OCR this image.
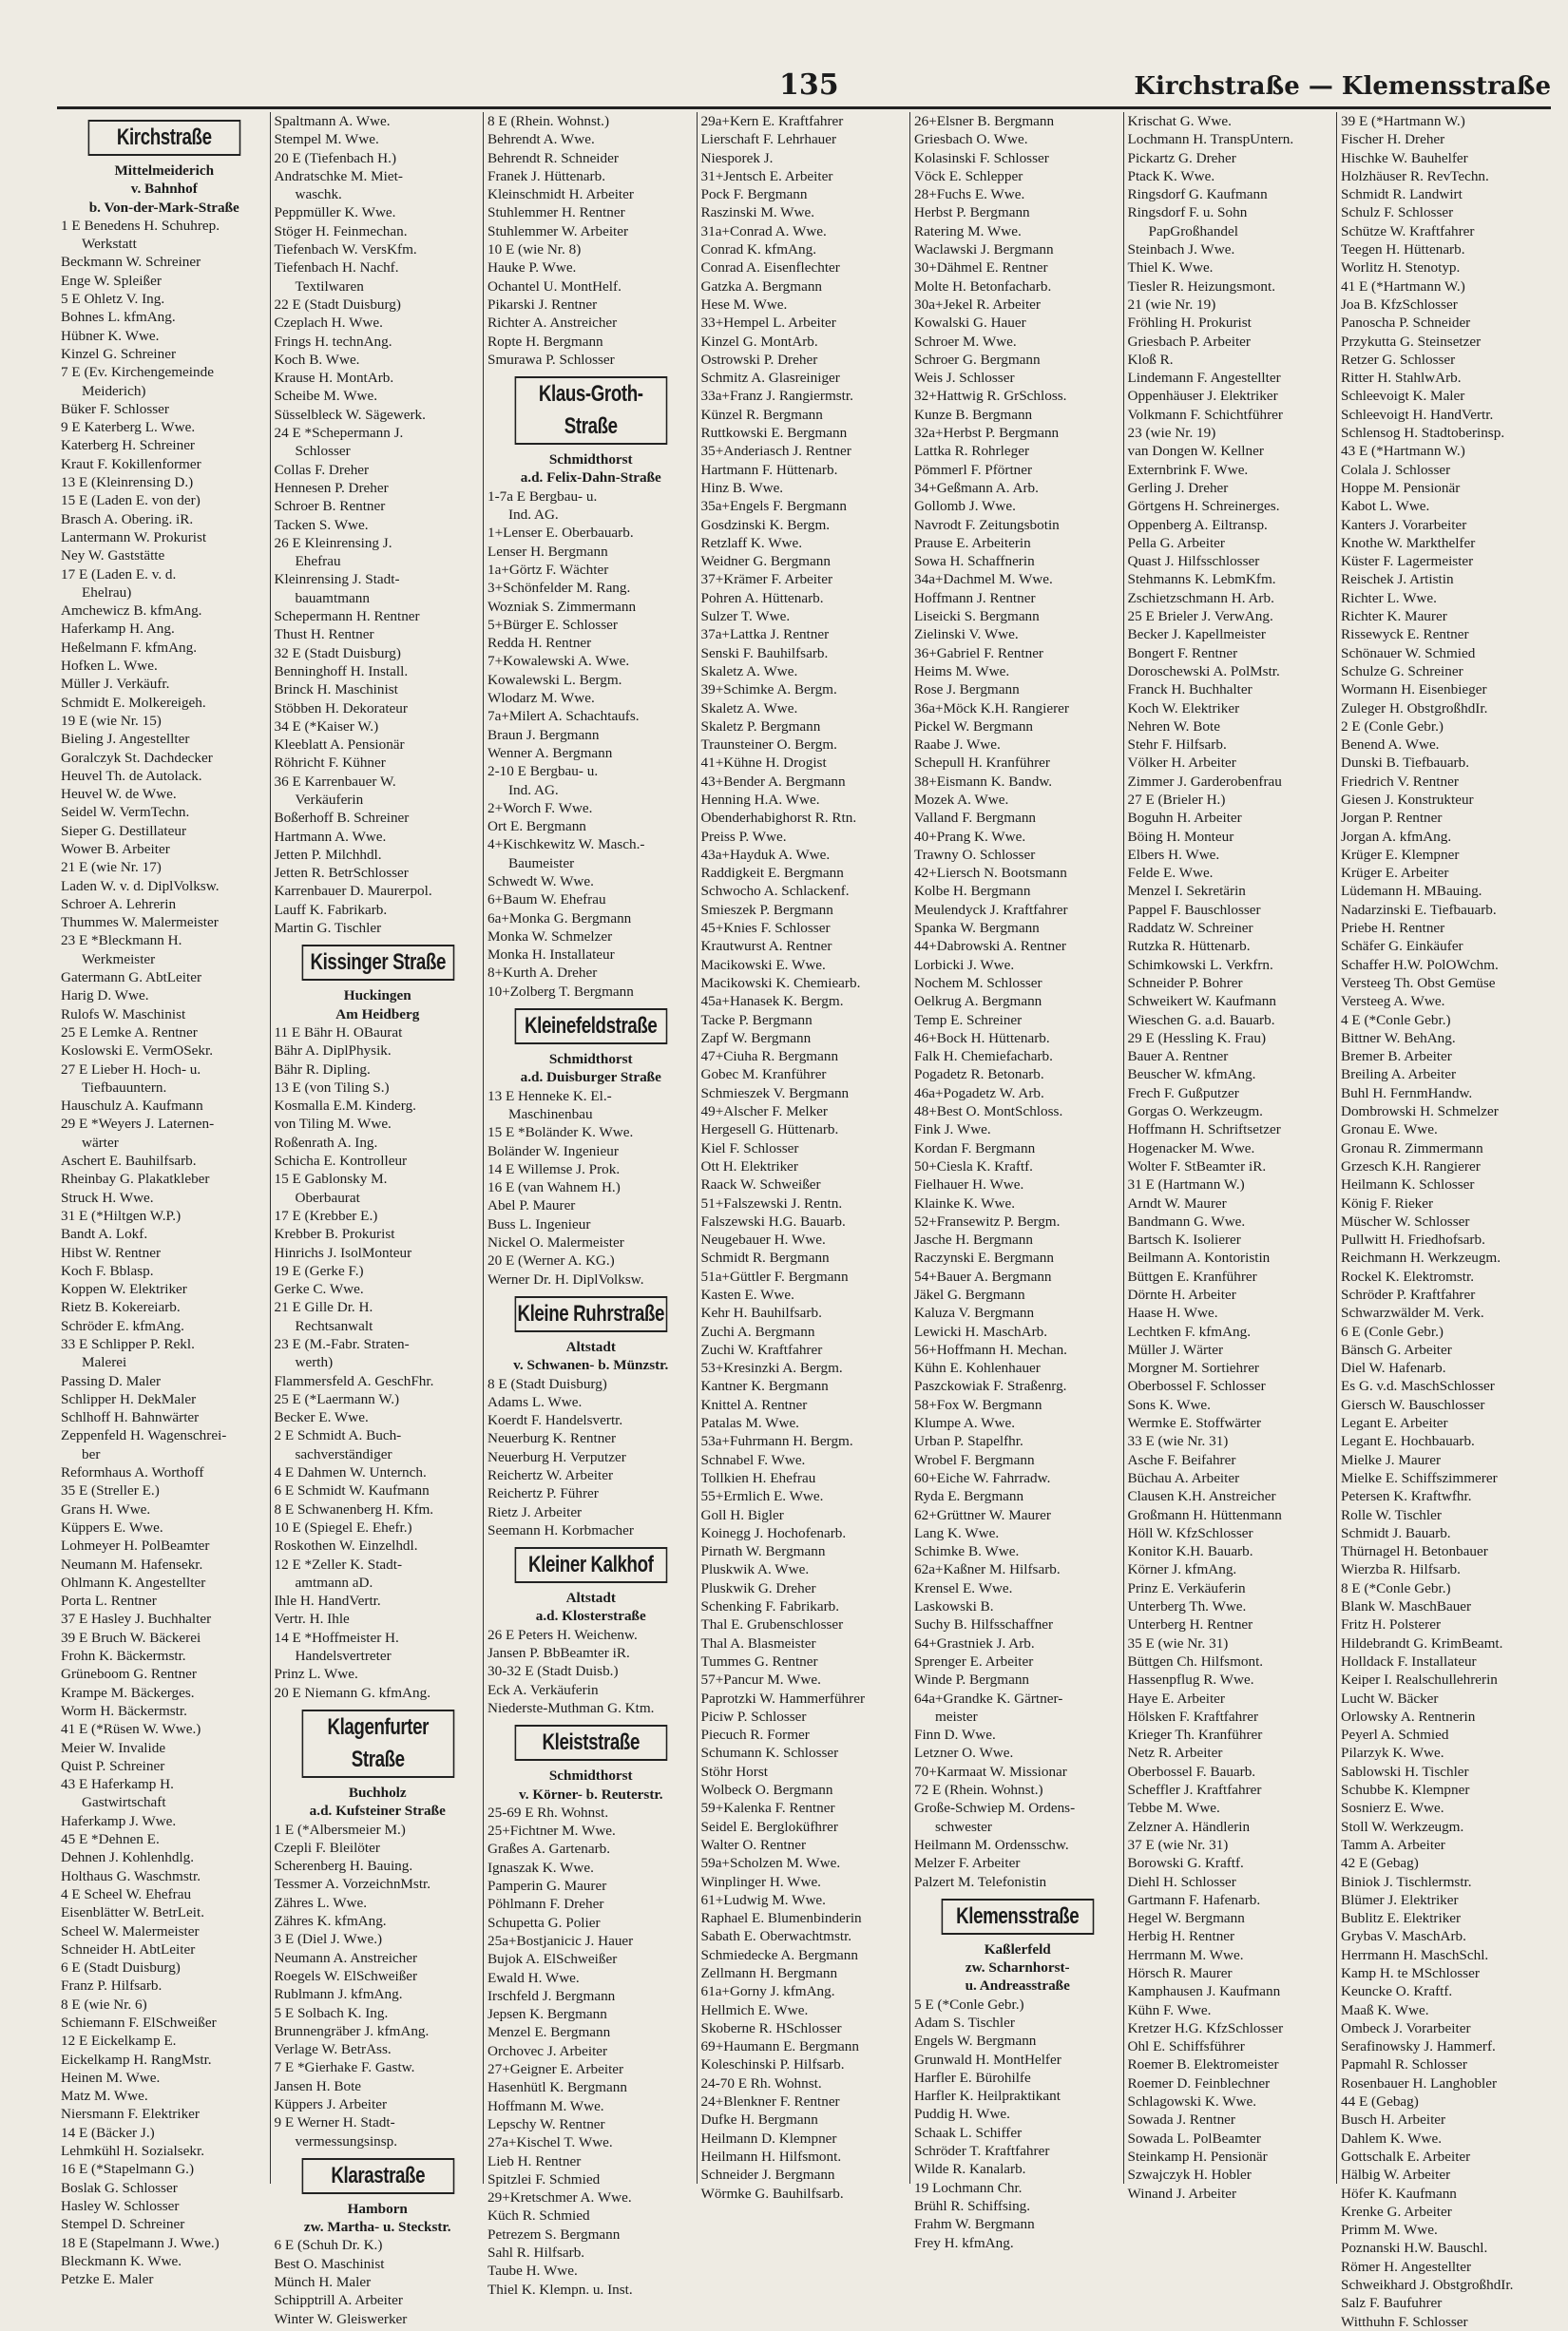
135	Kirchstraße — Klemensstraße
Kirchstraße
Mittelmeiderich
v. Bahnhof
b. Von-der-Mark-Straße
1 E Benedens H. Schuhrep.
Werkstatt
Beckmann W. Schreiner
Enge W. Spleißer
5 E Ohletz V. Ing.
Bohnes L. kfmAng.
Hübner K. Wwe.
Kinzel G. Schreiner
7 E (Ev. Kirchengemeinde
Meiderich)
Büker F. Schlosser
9 E Katerberg L. Wwe.
Katerberg H. Schreiner
Kraut F. Kokillenformer
13 E (Kleinrensing D.)
15 E (Laden E. von der)
Brasch A. Obering. iR.
Lantermann W. Prokurist
Ney W. Gaststätte
17 E (Laden E. v. d.
Ehelrau)
Amchewicz B. kfmAng.
Haferkamp H. Ang.
Heßelmann F. kfmAng.
Hofken L. Wwe.
Müller J. Verkäufr.
Schmidt E. Molkereigeh.
19 E (wie Nr. 15)
Bieling J. Angestellter
Goralczyk St. Dachdecker
Heuvel Th. de Autolack.
Heuvel W. de Wwe.
Seidel W. VermTechn.
Sieper G. Destillateur
Wower B. Arbeiter
21 E (wie Nr. 17)
Laden W. v. d. DiplVolksw.
Schroer A. Lehrerin
Thummes W. Malermeister
23 E *Bleckmann H.
Werkmeister
Gatermann G. AbtLeiter
Harig D. Wwe.
Rulofs W. Maschinist
25 E Lemke A. Rentner
Koslowski E. VermOSekr.
27 E Lieber H. Hoch- u.
Tiefbauuntern.
Hauschulz A. Kaufmann
29 E *Weyers J. Laternen-
wärter
Aschert E. Bauhilfsarb.
Rheinbay G. Plakatkleber
Struck H. Wwe.
31 E (*Hiltgen W.P.)
Bandt A. Lokf.
Hibst W. Rentner
Koch F. Bblasp.
Koppen W. Elektriker
Rietz B. Kokereiarb.
Schröder E. kfmAng.
33 E Schlipper P. Rekl.
Malerei
Passing D. Maler
Schlipper H. DekMaler
Schlhoff H. Bahnwärter
Zeppenfeld H. Wagenschrei-
ber
Reformhaus A. Worthoff
35 E (Streller E.)
Grans H. Wwe.
Küppers E. Wwe.
Lohmeyer H. PolBeamter
Neumann M. Hafensekr.
Ohlmann K. Angestellter
Porta L. Rentner
37 E Hasley J. Buchhalter
39 E Bruch W. Bäckerei
Frohn K. Bäckermstr.
Grüneboom G. Rentner
Krampe M. Bäckerges.
Worm H. Bäckermstr.
41 E (*Rüsen W. Wwe.)
Meier W. Invalide
Quist P. Schreiner
43 E Haferkamp H.
Gastwirtschaft
Haferkamp J. Wwe.
45 E *Dehnen E.
Dehnen J. Kohlenhdlg.
Holthaus G. Waschmstr.
4 E Scheel W. Ehefrau
Eisenblätter W. BetrLeit.
Scheel W. Malermeister
Schneider H. AbtLeiter
6 E (Stadt Duisburg)
Franz P. Hilfsarb.
8 E (wie Nr. 6)
Schiemann F. ElSchweißer
12 E Eickelkamp E.
Eickelkamp H. RangMstr.
Heinen M. Wwe.
Matz M. Wwe.
Niersmann F. Elektriker
14 E (Bäcker J.)
Lehmkühl H. Sozialsekr.
16 E (*Stapelmann G.)
Boslak G. Schlosser
Hasley W. Schlosser
Stempel D. Schreiner
18 E (Stapelmann J. Wwe.)
Bleckmann K. Wwe.
Petzke E. Maler
Spaltmann A. Wwe.
Stempel M. Wwe.
20 E (Tiefenbach H.)
Andratschke M. Miet-
waschk.
Peppmüller K. Wwe.
Stöger H. Feinmechan.
Tiefenbach W. VersKfm.
Tiefenbach H. Nachf.
Textilwaren
22 E (Stadt Duisburg)
Czeplach H. Wwe.
Frings H. technAng.
Koch B. Wwe.
Krause H. MontArb.
Scheibe M. Wwe.
Süsselbleck W. Sägewerk.
24 E *Schepermann J.
Schlosser
Collas F. Dreher
Hennesen P. Dreher
Schroer B. Rentner
Tacken S. Wwe.
26 E Kleinrensing J.
Ehefrau
Kleinrensing J. Stadt-
bauamtmann
Schepermann H. Rentner
Thust H. Rentner
32 E (Stadt Duisburg)
Benninghoff H. Install.
Brinck H. Maschinist
Stöbben H. Dekorateur
34 E (*Kaiser W.)
Kleeblatt A. Pensionär
Röhricht F. Kühner
36 E Karrenbauer W.
Verkäuferin
Boßerhoff B. Schreiner
Hartmann A. Wwe.
Jetten P. Milchhdl.
Jetten R. BetrSchlosser
Karrenbauer D. Maurerpol.
Lauff K. Fabrikarb.
Martin G. Tischler
Kissinger Straße
Huckingen
Am Heidberg
11 E Bähr H. OBaurat
Bähr A. DiplPhysik.
Bähr R. Dipling.
13 E (von Tiling S.)
Kosmalla E.M. Kinderg.
von Tiling M. Wwe.
Roßenrath A. Ing.
Schicha E. Kontrolleur
15 E Gablonsky M.
Oberbaurat
17 E (Krebber E.)
Krebber B. Prokurist
Hinrichs J. IsolMonteur
19 E (Gerke F.)
Gerke C. Wwe.
21 E Gille Dr. H.
Rechtsanwalt
23 E (M.-Fabr. Straten-
werth)
Flammersfeld A. GeschFhr.
25 E (*Laermann W.)
Becker E. Wwe.
2 E Schmidt A. Buch-
sachverständiger
4 E Dahmen W. Unternch.
6 E Schmidt W. Kaufmann
8 E Schwanenberg H. Kfm.
10 E (Spiegel E. Ehefr.)
Roskothen W. Einzelhdl.
12 E *Zeller K. Stadt-
amtmann aD.
Ihle H. HandVertr.
Vertr. H. Ihle
14 E *Hoffmeister H.
Handelsvertreter
Prinz L. Wwe.
20 E Niemann G. kfmAng.
Klagenfurter Straße
Buchholz
a.d. Kufsteiner Straße
1 E (*Albersmeier M.)
Czepli F. Bleilöter
Scherenberg H. Bauing.
Tessmer A. VorzeichnMstr.
Zähres L. Wwe.
Zähres K. kfmAng.
3 E (Diel J. Wwe.)
Neumann A. Anstreicher
Roegels W. ElSchweißer
Rublmann J. kfmAng.
5 E Solbach K. Ing.
Brunnengräber J. kfmAng.
Verlage W. BetrAss.
7 E *Gierhake F. Gastw.
Jansen H. Bote
Küppers J. Arbeiter
9 E Werner H. Stadt-
vermessungsinsp.
Klarastraße
Hamborn
zw. Martha- u. Steckstr.
6 E (Schuh Dr. K.)
Best O. Maschinist
Münch H. Maler
Schipptrill A. Arbeiter
Winter W. Gleiswerker
8 E (Rhein. Wohnst.)
Behrendt A. Wwe.
Behrendt R. Schneider
Franek J. Hüttenarb.
Kleinschmidt H. Arbeiter
Stuhlemmer H. Rentner
Stuhlemmer W. Arbeiter
10 E (wie Nr. 8)
Hauke P. Wwe.
Ochantel U. MontHelf.
Pikarski J. Rentner
Richter A. Anstreicher
Ropte H. Bergmann
Smurawa P. Schlosser
Klaus-Groth-Straße
Schmidthorst
a.d. Felix-Dahn-Straße
1-7a E Bergbau- u.
Ind. AG.
1+Lenser E. Oberbauarb.
Lenser H. Bergmann
1a+Görtz F. Wächter
3+Schönfelder M. Rang.
Wozniak S. Zimmermann
5+Bürger E. Schlosser
Redda H. Rentner
7+Kowalewski A. Wwe.
Kowalewski L. Bergm.
Wlodarz M. Wwe.
7a+Milert A. Schachtaufs.
Braun J. Bergmann
Wenner A. Bergmann
2-10 E Bergbau- u.
Ind. AG.
2+Worch F. Wwe.
Ort E. Bergmann
4+Kischkewitz W. Masch.-
Baumeister
Schwedt W. Wwe.
6+Baum W. Ehefrau
6a+Monka G. Bergmann
Monka W. Schmelzer
Monka H. Installateur
8+Kurth A. Dreher
10+Zolberg T. Bergmann
Kleinefeldstraße
Schmidthorst
a.d. Duisburger Straße
13 E Henneke K. El.-
Maschinenbau
15 E *Boländer K. Wwe.
Boländer W. Ingenieur
14 E Willemse J. Prok.
16 E (van Wahnem H.)
Abel P. Maurer
Buss L. Ingenieur
Nickel O. Malermeister
20 E (Werner A. KG.)
Werner Dr. H. DiplVolksw.
Kleine Ruhrstraße
Altstadt
v. Schwanen- b. Münzstr.
8 E (Stadt Duisburg)
Adams L. Wwe.
Koerdt F. Handelsvertr.
Neuerburg K. Rentner
Neuerburg H. Verputzer
Reichertz W. Arbeiter
Reichertz P. Führer
Rietz J. Arbeiter
Seemann H. Korbmacher
Kleiner Kalkhof
Altstadt
a.d. Klosterstraße
26 E Peters H. Weichenw.
Jansen P. BbBeamter iR.
30-32 E (Stadt Duisb.)
Eck A. Verkäuferin
Niederste-Muthman G. Ktm.
Kleiststraße
Schmidthorst
v. Körner- b. Reuterstr.
25-69 E Rh. Wohnst.
25+Fichtner M. Wwe.
Graßes A. Gartenarb.
Ignaszak K. Wwe.
Pamperin G. Maurer
Pöhlmann F. Dreher
Schupetta G. Polier
25a+Bostjanicic J. Hauer
Bujok A. ElSchweißer
Ewald H. Wwe.
Irschfeld J. Bergmann
Jepsen K. Bergmann
Menzel E. Bergmann
Orchovec J. Arbeiter
27+Geigner E. Arbeiter
Hasenhütl K. Bergmann
Hoffmann M. Wwe.
Lepschy W. Rentner
27a+Kischel T. Wwe.
Lieb H. Rentner
Spitzlei F. Schmied
29+Kretschmer A. Wwe.
Küch R. Schmied
Petrezem S. Bergmann
Sahl R. Hilfsarb.
Taube H. Wwe.
Thiel K. Klempn. u. Inst.
29a+Kern E. Kraftfahrer
Lierschaft F. Lehrhauer
Niesporek J.
31+Jentsch E. Arbeiter
Pock F. Bergmann
Raszinski M. Wwe.
31a+Conrad A. Wwe.
Conrad K. kfmAng.
Conrad A. Eisenflechter
Gatzka A. Bergmann
Hese M. Wwe.
33+Hempel L. Arbeiter
Kinzel G. MontArb.
Ostrowski P. Dreher
Schmitz A. Glasreiniger
33a+Franz J. Rangiermstr.
Künzel R. Bergmann
Ruttkowski E. Bergmann
35+Anderiasch J. Rentner
Hartmann F. Hüttenarb.
Hinz B. Wwe.
35a+Engels F. Bergmann
Gosdzinski K. Bergm.
Retzlaff K. Wwe.
Weidner G. Bergmann
37+Krämer F. Arbeiter
Pohren A. Hüttenarb.
Sulzer T. Wwe.
37a+Lattka J. Rentner
Senski F. Bauhilfsarb.
Skaletz A. Wwe.
39+Schimke A. Bergm.
Skaletz A. Wwe.
Skaletz P. Bergmann
Traunsteiner O. Bergm.
41+Kühne H. Drogist
43+Bender A. Bergmann
Henning H.A. Wwe.
Obenderhabighorst R. Rtn.
Preiss P. Wwe.
43a+Hayduk A. Wwe.
Raddigkeit E. Bergmann
Schwocho A. Schlackenf.
Smieszek P. Bergmann
45+Knies F. Schlosser
Krautwurst A. Rentner
Macikowski E. Wwe.
Macikowski K. Chemiearb.
45a+Hanasek K. Bergm.
Tacke P. Bergmann
Zapf W. Bergmann
47+Ciuha R. Bergmann
Gobec M. Kranführer
Schmieszek V. Bergmann
49+Alscher F. Melker
Hergesell G. Hüttenarb.
Kiel F. Schlosser
Ott H. Elektriker
Raack W. Schweißer
51+Falszewski J. Rentn.
Falszewski H.G. Bauarb.
Neugebauer H. Wwe.
Schmidt R. Bergmann
51a+Güttler F. Bergmann
Kasten E. Wwe.
Kehr H. Bauhilfsarb.
Zuchi A. Bergmann
Zuchi W. Kraftfahrer
53+Kresinzki A. Bergm.
Kantner K. Bergmann
Knittel A. Rentner
Patalas M. Wwe.
53a+Fuhrmann H. Bergm.
Schnabel F. Wwe.
Tollkien H. Ehefrau
55+Ermlich E. Wwe.
Goll H. Bigler
Koinegg J. Hochofenarb.
Pirnath W. Bergmann
Pluskwik A. Wwe.
Pluskwik G. Dreher
Schenking F. Fabrikarb.
Thal E. Grubenschlosser
Thal A. Blasmeister
Tummes G. Rentner
57+Pancur M. Wwe.
Paprotzki W. Hammerführer
Piciw P. Schlosser
Piecuch R. Former
Schumann K. Schlosser
Stöhr Horst
Wolbeck O. Bergmann
59+Kalenka F. Rentner
Seidel E. Bergloküfhrer
Walter O. Rentner
59a+Scholzen M. Wwe.
Winplinger H. Wwe.
61+Ludwig M. Wwe.
Raphael E. Blumenbinderin
Sabath E. Oberwachtmstr.
Schmiedecke A. Bergmann
Zellmann H. Bergmann
61a+Gorny J. kfmAng.
Hellmich E. Wwe.
Skoberne R. HSchlosser
69+Haumann E. Bergmann
Koleschinski P. Hilfsarb.
24-70 E Rh. Wohnst.
24+Blenkner F. Rentner
Dufke H. Bergmann
Heilmann D. Klempner
Heilmann H. Hilfsmont.
Schneider J. Bergmann
Wörmke G. Bauhilfsarb.
26+Elsner B. Bergmann
Griesbach O. Wwe.
Kolasinski F. Schlosser
Vöck E. Schlepper
28+Fuchs E. Wwe.
Herbst P. Bergmann
Ratering M. Wwe.
Waclawski J. Bergmann
30+Dähmel E. Rentner
Molte H. Betonfacharb.
30a+Jekel R. Arbeiter
Kowalski G. Hauer
Schroer M. Wwe.
Schroer G. Bergmann
Weis J. Schlosser
32+Hattwig R. GrSchloss.
Kunze B. Bergmann
32a+Herbst P. Bergmann
Lattka R. Rohrleger
Pömmerl F. Pförtner
34+Geßmann A. Arb.
Gollomb J. Wwe.
Navrodt F. Zeitungsbotin
Prause E. Arbeiterin
Sowa H. Schaffnerin
34a+Dachmel M. Wwe.
Hoffmann J. Rentner
Liseicki S. Bergmann
Zielinski V. Wwe.
36+Gabriel F. Rentner
Heims M. Wwe.
Rose J. Bergmann
36a+Möck K.H. Rangierer
Pickel W. Bergmann
Raabe J. Wwe.
Schepull H. Kranführer
38+Eismann K. Bandw.
Mozek A. Wwe.
Valland F. Bergmann
40+Prang K. Wwe.
Trawny O. Schlosser
42+Liersch N. Bootsmann
Kolbe H. Bergmann
Meulendyck J. Kraftfahrer
Spanka W. Bergmann
44+Dabrowski A. Rentner
Lorbicki J. Wwe.
Nochem M. Schlosser
Oelkrug A. Bergmann
Temp E. Schreiner
46+Bock H. Hüttenarb.
Falk H. Chemiefacharb.
Pogadetz R. Betonarb.
46a+Pogadetz W. Arb.
48+Best O. MontSchloss.
Fink J. Wwe.
Kordan F. Bergmann
50+Ciesla K. Kraftf.
Fielhauer H. Wwe.
Klainke K. Wwe.
52+Fransewitz P. Bergm.
Jasche H. Bergmann
Raczynski E. Bergmann
54+Bauer A. Bergmann
Jäkel G. Bergmann
Kaluza V. Bergmann
Lewicki H. MaschArb.
56+Hoffmann H. Mechan.
Kühn E. Kohlenhauer
Paszckowiak F. Straßenrg.
58+Fox W. Bergmann
Klumpe A. Wwe.
Urban P. Stapelfhr.
Wrobel F. Bergmann
60+Eiche W. Fahrradw.
Ryda E. Bergmann
62+Grüttner W. Maurer
Lang K. Wwe.
Schimke B. Wwe.
62a+Kaßner M. Hilfsarb.
Krensel E. Wwe.
Laskowski B.
Suchy B. Hilfsschaffner
64+Grastniek J. Arb.
Sprenger E. Arbeiter
Winde P. Bergmann
64a+Grandke K. Gärtner-
meister
Finn D. Wwe.
Letzner O. Wwe.
70+Karmaat W. Missionar
72 E (Rhein. Wohnst.)
Große-Schwiep M. Ordens-
schwester
Heilmann M. Ordensschw.
Melzer F. Arbeiter
Palzert M. Telefonistin
Klemensstraße
Kaßlerfeld
zw. Scharnhorst-
u. Andreasstraße
5 E (*Conle Gebr.)
Adam S. Tischler
Engels W. Bergmann
Grunwald H. MontHelfer
Harfler E. Bürohilfe
Harfler K. Heilpraktikant
Puddig H. Wwe.
Schaak L. Schiffer
Schröder T. Kraftfahrer
Wilde R. Kanalarb.
19 Lochmann Chr.
Brühl R. Schiffsing.
Frahm W. Bergmann
Frey H. kfmAng.
Krischat G. Wwe.
Lochmann H. TranspUntern.
Pickartz G. Dreher
Ptack K. Wwe.
Ringsdorf G. Kaufmann
Ringsdorf F. u. Sohn
PapGroßhandel
Steinbach J. Wwe.
Thiel K. Wwe.
Tiesler R. Heizungsmont.
21 (wie Nr. 19)
Fröhling H. Prokurist
Griesbach P. Arbeiter
Kloß R.
Lindemann F. Angestellter
Oppenhäuser J. Elektriker
Volkmann F. Schichtführer
23 (wie Nr. 19)
van Dongen W. Kellner
Externbrink F. Wwe.
Gerling J. Dreher
Görtgens H. Schreinerges.
Oppenberg A. Eiltransp.
Pella G. Arbeiter
Quast J. Hilfsschlosser
Stehmanns K. LebmKfm.
Zschietzschmann H. Arb.
25 E Brieler J. VerwAng.
Becker J. Kapellmeister
Bongert F. Rentner
Doroschewski A. PolMstr.
Franck H. Buchhalter
Koch W. Elektriker
Nehren W. Bote
Stehr F. Hilfsarb.
Völker H. Arbeiter
Zimmer J. Garderobenfrau
27 E (Brieler H.)
Boguhn H. Arbeiter
Böing H. Monteur
Elbers H. Wwe.
Felde E. Wwe.
Menzel I. Sekretärin
Pappel F. Bauschlosser
Raddatz W. Schreiner
Rutzka R. Hüttenarb.
Schimkowski L. Verkfrn.
Schneider P. Bohrer
Schweikert W. Kaufmann
Wieschen G. a.d. Bauarb.
29 E (Hessling K. Frau)
Bauer A. Rentner
Beuscher W. kfmAng.
Frech F. Gußputzer
Gorgas O. Werkzeugm.
Hoffmann H. Schriftsetzer
Hogenacker M. Wwe.
Wolter F. StBeamter iR.
31 E (Hartmann W.)
Arndt W. Maurer
Bandmann G. Wwe.
Bartsch K. Isolierer
Beilmann A. Kontoristin
Büttgen E. Kranführer
Dörnte H. Arbeiter
Haase H. Wwe.
Lechtken F. kfmAng.
Müller J. Wärter
Morgner M. Sortiehrer
Oberbossel F. Schlosser
Sons K. Wwe.
Wermke E. Stoffwärter
33 E (wie Nr. 31)
Asche F. Beifahrer
Büchau A. Arbeiter
Clausen K.H. Anstreicher
Großmann H. Hüttenmann
Höll W. KfzSchlosser
Konitor K.H. Bauarb.
Körner J. kfmAng.
Prinz E. Verkäuferin
Unterberg Th. Wwe.
Unterberg H. Rentner
35 E (wie Nr. 31)
Büttgen Ch. Hilfsmont.
Hassenpflug R. Wwe.
Haye E. Arbeiter
Hölsken F. Kraftfahrer
Krieger Th. Kranführer
Netz R. Arbeiter
Oberbossel F. Bauarb.
Scheffler J. Kraftfahrer
Tebbe M. Wwe.
Zelzner A. Händlerin
37 E (wie Nr. 31)
Borowski G. Kraftf.
Diehl H. Schlosser
Gartmann F. Hafenarb.
Hegel W. Bergmann
Herbig H. Rentner
Herrmann M. Wwe.
Hörsch R. Maurer
Kamphausen J. Kaufmann
Kühn F. Wwe.
Kretzer H.G. KfzSchlosser
Ohl E. Schiffsführer
Roemer B. Elektromeister
Roemer D. Feinblechner
Schlagowski K. Wwe.
Sowada J. Rentner
Sowada L. PolBeamter
Steinkamp H. Pensionär
Szwajczyk H. Hobler
Winand J. Arbeiter
39 E (*Hartmann W.)
Fischer H. Dreher
Hischke W. Bauhelfer
Holzhäuser R. RevTechn.
Schmidt R. Landwirt
Schulz F. Schlosser
Schütze W. Kraftfahrer
Teegen H. Hüttenarb.
Worlitz H. Stenotyp.
41 E (*Hartmann W.)
Joa B. KfzSchlosser
Panoscha P. Schneider
Przykutta G. Steinsetzer
Retzer G. Schlosser
Ritter H. StahlwArb.
Schleevoigt K. Maler
Schleevoigt H. HandVertr.
Schlensog H. Stadtoberinsp.
43 E (*Hartmann W.)
Colala J. Schlosser
Hoppe M. Pensionär
Kabot L. Wwe.
Kanters J. Vorarbeiter
Knothe W. Markthelfer
Küster F. Lagermeister
Reischek J. Artistin
Richter L. Wwe.
Richter K. Maurer
Rissewyck E. Rentner
Schönauer W. Schmied
Schulze G. Schreiner
Wormann H. Eisenbieger
Zuleger H. ObstgroßhdIr.
2 E (Conle Gebr.)
Benend A. Wwe.
Dunski B. Tiefbauarb.
Friedrich V. Rentner
Giesen J. Konstrukteur
Jorgan P. Rentner
Jorgan A. kfmAng.
Krüger E. Klempner
Krüger E. Arbeiter
Lüdemann H. MBauing.
Nadarzinski E. Tiefbauarb.
Priebe H. Rentner
Schäfer G. Einkäufer
Schaffer H.W. PolOWchm.
Versteeg Th. Obst Gemüse
Versteeg A. Wwe.
4 E (*Conle Gebr.)
Bittner W. BehAng.
Bremer B. Arbeiter
Breiling A. Arbeiter
Buhl H. FernmHandw.
Dombrowski H. Schmelzer
Gronau E. Wwe.
Gronau R. Zimmermann
Grzesch K.H. Rangierer
Heilmann K. Schlosser
König F. Rieker
Müscher W. Schlosser
Pullwitt H. Friedhofsarb.
Reichmann H. Werkzeugm.
Rockel K. Elektromstr.
Schröder P. Kraftfahrer
Schwarzwälder M. Verk.
6 E (Conle Gebr.)
Bänsch G. Arbeiter
Diel W. Hafenarb.
Es G. v.d. MaschSchlosser
Giersch W. Bauschlosser
Legant E. Arbeiter
Legant E. Hochbauarb.
Mielke J. Maurer
Mielke E. Schiffszimmerer
Petersen K. Kraftwfhr.
Rolle W. Tischler
Schmidt J. Bauarb.
Thürnagel H. Betonbauer
Wierzba R. Hilfsarb.
8 E (*Conle Gebr.)
Blank W. MaschBauer
Fritz H. Polsterer
Hildebrandt G. KrimBeamt.
Holldack F. Installateur
Keiper I. Realschullehrerin
Lucht W. Bäcker
Orlowsky A. Rentnerin
Peyerl A. Schmied
Pilarzyk K. Wwe.
Sablowski H. Tischler
Schubbe K. Klempner
Sosnierz E. Wwe.
Stoll W. Werkzeugm.
Tamm A. Arbeiter
42 E (Gebag)
Biniok J. Tischlermstr.
Blümer J. Elektriker
Bublitz E. Elektriker
Grybas V. MaschArb.
Herrmann H. MaschSchl.
Kamp H. te MSchlosser
Keuncke O. Kraftf.
Maaß K. Wwe.
Ombeck J. Vorarbeiter
Serafinowsky J. Hammerf.
Papmahl R. Schlosser
Rosenbauer H. Langhobler
44 E (Gebag)
Busch H. Arbeiter
Dahlem K. Wwe.
Gottschalk E. Arbeiter
Hälbig W. Arbeiter
Höfer K. Kaufmann
Krenke G. Arbeiter
Primm M. Wwe.
Poznanski H.W. Bauschl.
Römer H. Angestellter
Schweikhard J. ObstgroßhdIr.
Salz F. Baufuhrer
Witthuhn F. Schlosser
